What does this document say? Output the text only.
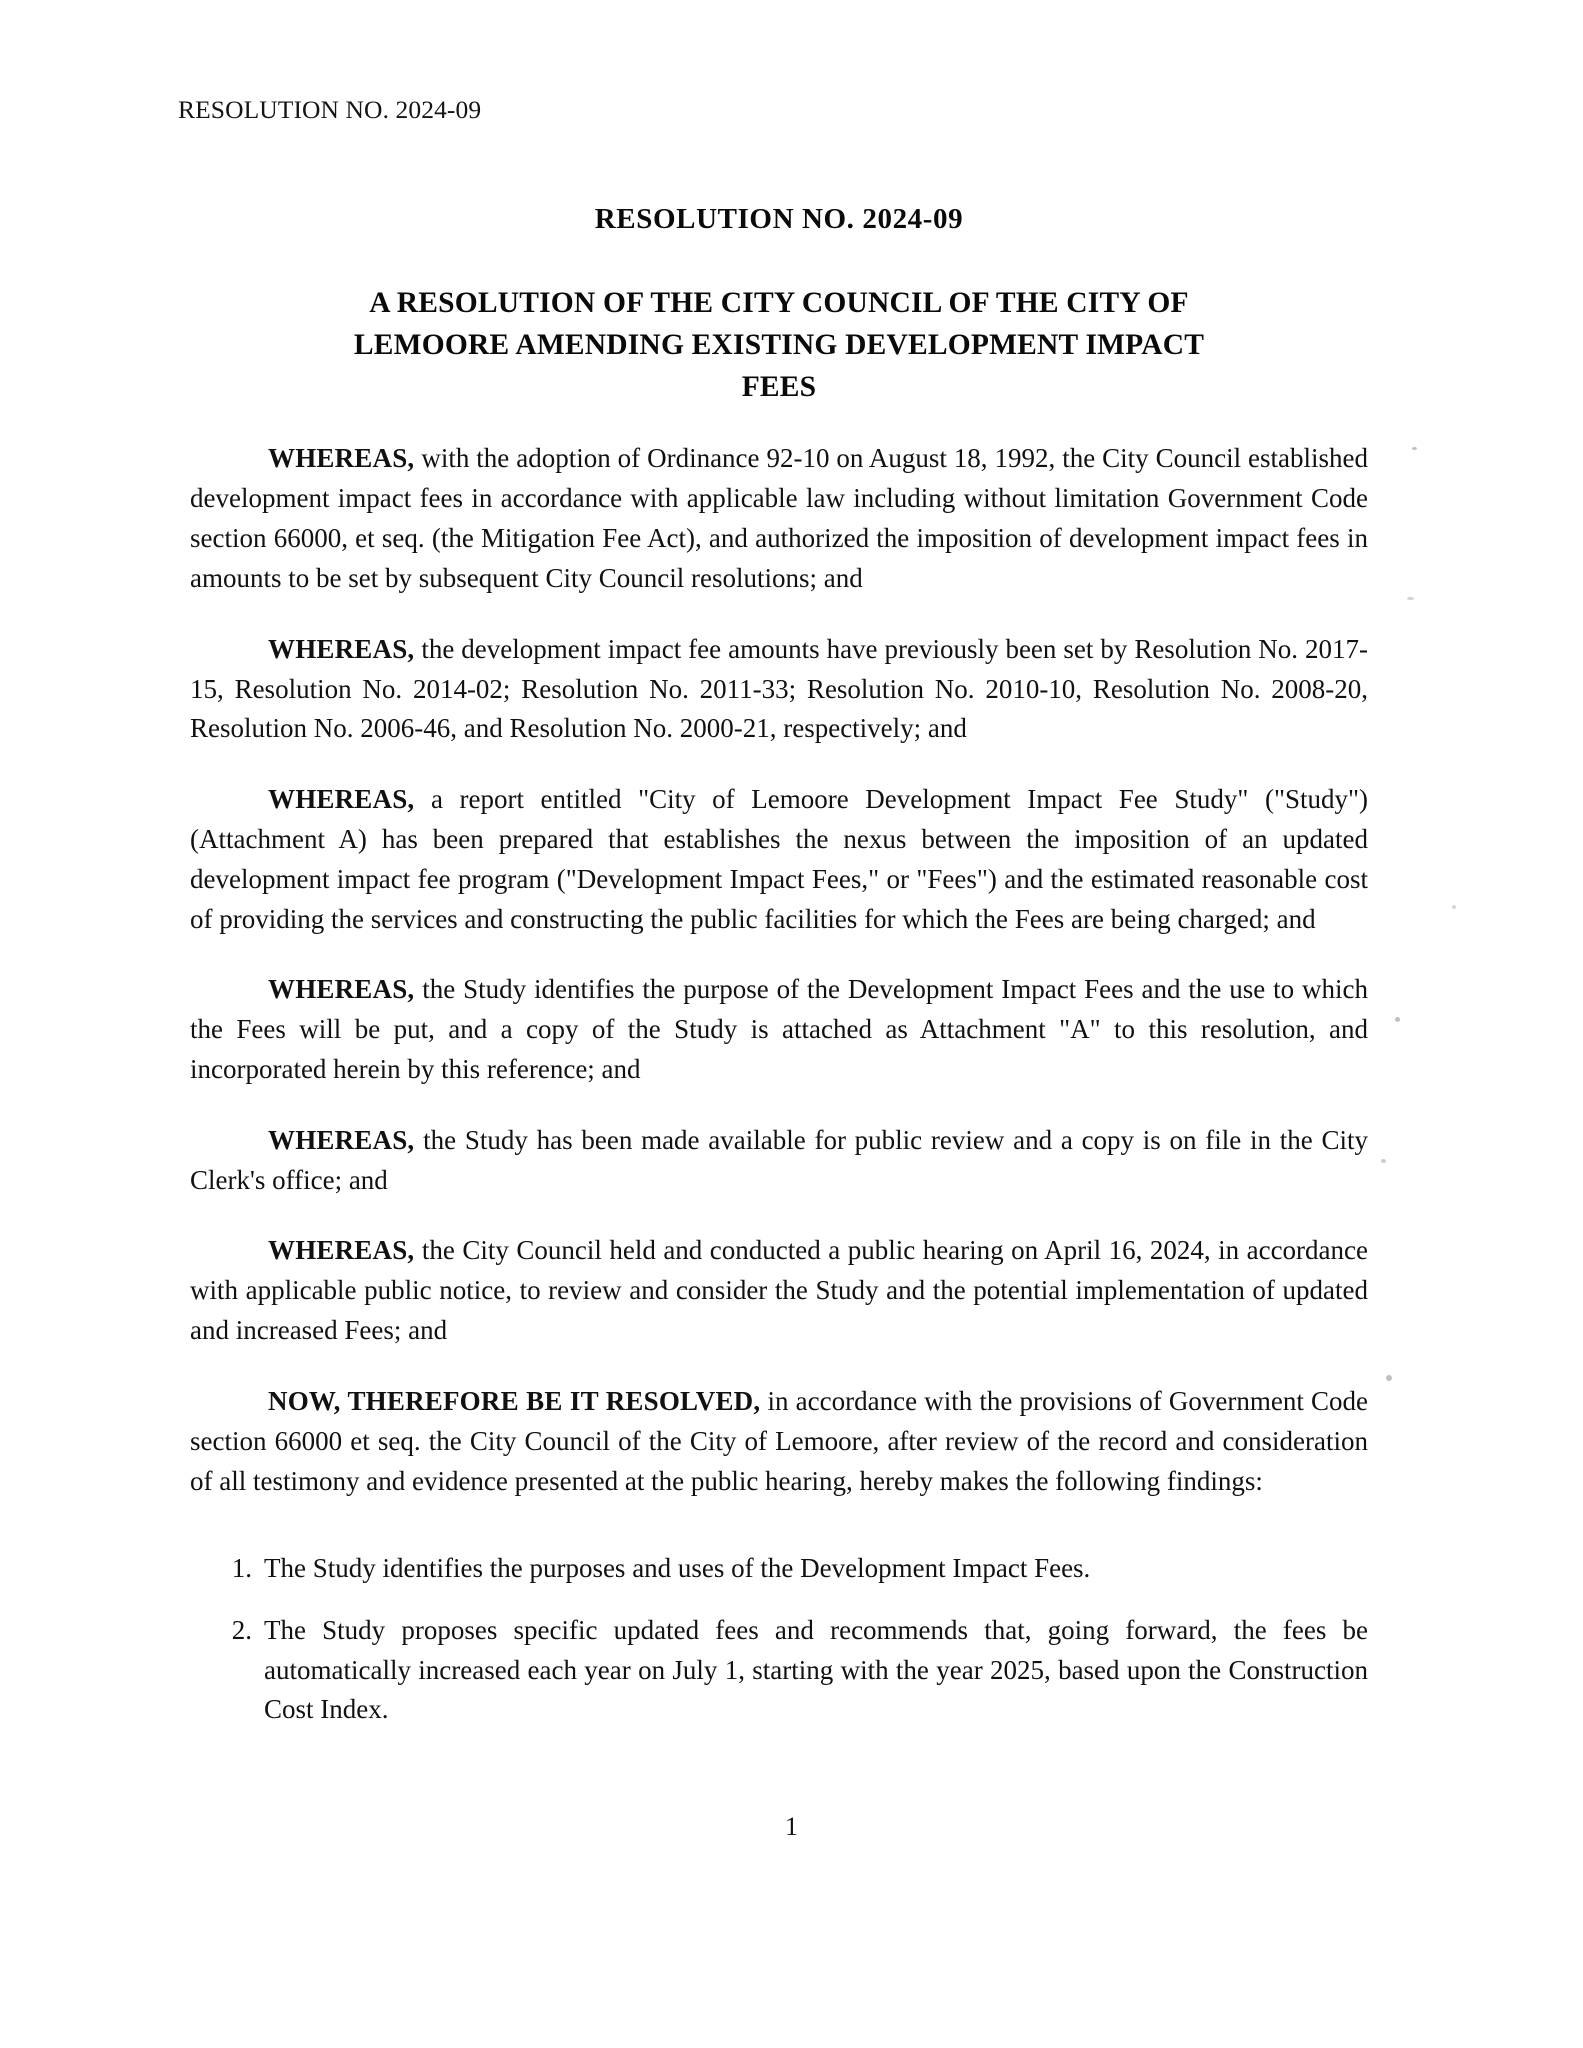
RESOLUTION NO. 2024-09
RESOLUTION NO. 2024-09
A RESOLUTION OF THE CITY COUNCIL OF THE CITY OF
LEMOORE AMENDING EXISTING DEVELOPMENT IMPACT
FEES

WHEREAS, with the adoption of Ordinance 92-10 on August 18, 1992, the City Council established development impact fees in accordance with applicable law including without limitation Government Code section 66000, et seq. (the Mitigation Fee Act), and authorized the imposition of development impact fees in amounts to be set by subsequent City Council resolutions; and

WHEREAS, the development impact fee amounts have previously been set by Resolution No. 2017-15, Resolution No. 2014-02; Resolution No. 2011-33; Resolution No. 2010-10, Resolution No. 2008-20, Resolution No. 2006-46, and Resolution No. 2000-21, respectively; and

WHEREAS, a report entitled "City of Lemoore Development Impact Fee Study" ("Study") (Attachment A) has been prepared that establishes the nexus between the imposition of an updated development impact fee program ("Development Impact Fees," or "Fees") and the estimated reasonable cost of providing the services and constructing the public facilities for which the Fees are being charged; and

WHEREAS, the Study identifies the purpose of the Development Impact Fees and the use to which the Fees will be put, and a copy of the Study is attached as Attachment "A" to this resolution, and incorporated herein by this reference; and

WHEREAS, the Study has been made available for public review and a copy is on file in the City Clerk's office; and

WHEREAS, the City Council held and conducted a public hearing on April 16, 2024, in accordance with applicable public notice, to review and consider the Study and the potential implementation of updated and increased Fees; and

NOW, THEREFORE BE IT RESOLVED, in accordance with the provisions of Government Code section 66000 et seq. the City Council of the City of Lemoore, after review of the record and consideration of all testimony and evidence presented at the public hearing, hereby makes the following findings:

1. The Study identifies the purposes and uses of the Development Impact Fees.
2. The Study proposes specific updated fees and recommends that, going forward, the fees be automatically increased each year on July 1, starting with the year 2025, based upon the Construction Cost Index.
1
